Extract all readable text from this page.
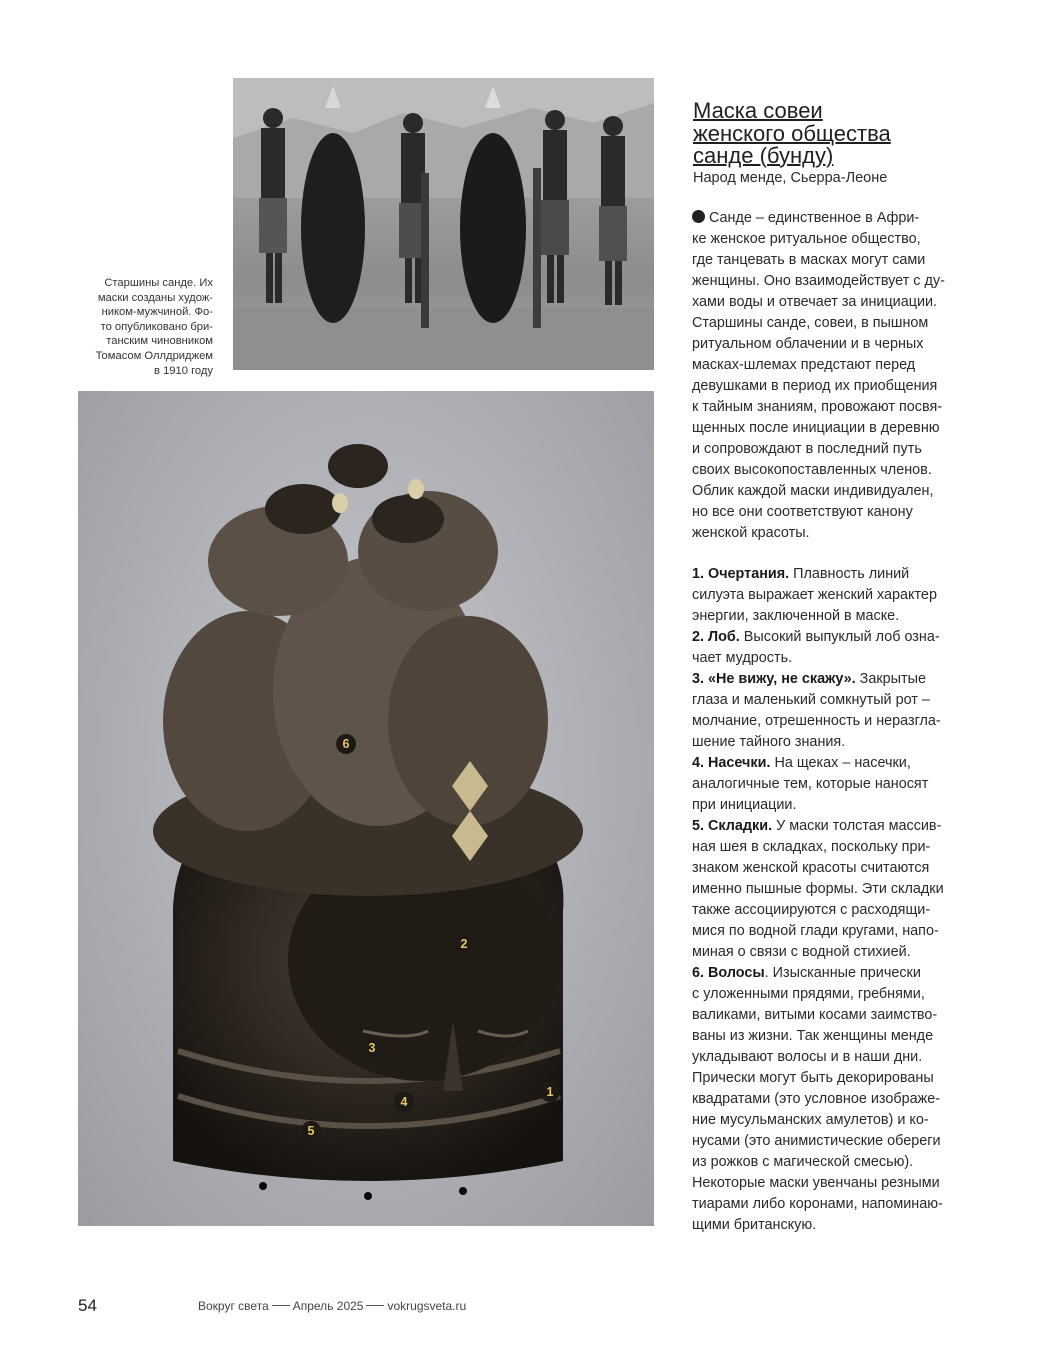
Старшины санде. Их
маски созданы худож-
ником-мужчиной. Фо-
то опубликовано бри-
танским чиновником
Томасом Оллдриджем
в 1910 году
1
2
3
4
5
6
Маска совеи
женского общества
санде (бунду)
Народ менде, Сьерра-Леоне
Санде – единственное в Афри-
ке женское ритуальное общество,
где танцевать в масках могут сами
женщины. Оно взаимодействует с ду-
хами воды и отвечает за инициации.
Старшины санде, совеи, в пышном
ритуальном облачении и в черных
масках-шлемах предстают перед
девушками в период их приобщения
к тайным знаниям, провожают посвя-
щенных после инициации в деревню
и сопровождают в последний путь
своих высокопоставленных членов.
Облик каждой маски индивидуален,
но все они соответствуют канону
женской красоты.
1. Очертания. Плавность линий
силуэта выражает женский характер
энергии, заключенной в маске.
2. Лоб. Высокий выпуклый лоб озна-
чает мудрость.
3. «Не вижу, не скажу». Закрытые
глаза и маленький сомкнутый рот –
молчание, отрешенность и неразгла-
шение тайного знания.
4. Насечки. На щеках – насечки,
аналогичные тем, которые наносят
при инициации.
5. Складки. У маски толстая массив-
ная шея в складках, поскольку при-
знаком женской красоты считаются
именно пышные формы. Эти складки
также ассоциируются с расходящи-
мися по водной глади кругами, напо-
миная о связи с водной стихией.
6. Волосы. Изысканные прически
с уложенными прядями, гребнями,
валиками, витыми косами заимство-
ваны из жизни. Так женщины менде
укладывают волосы и в наши дни.
Прически могут быть декорированы
квадратами (это условное изображе-
ние мусульманских амулетов) и ко-
нусами (это анимистические обереги
из рожков с магической смесью).
Некоторые маски увенчаны резными
тиарами либо коронами, напоминаю-
щими британскую.
54	Вокруг света Апрель 2025 vokrugsveta.ru
